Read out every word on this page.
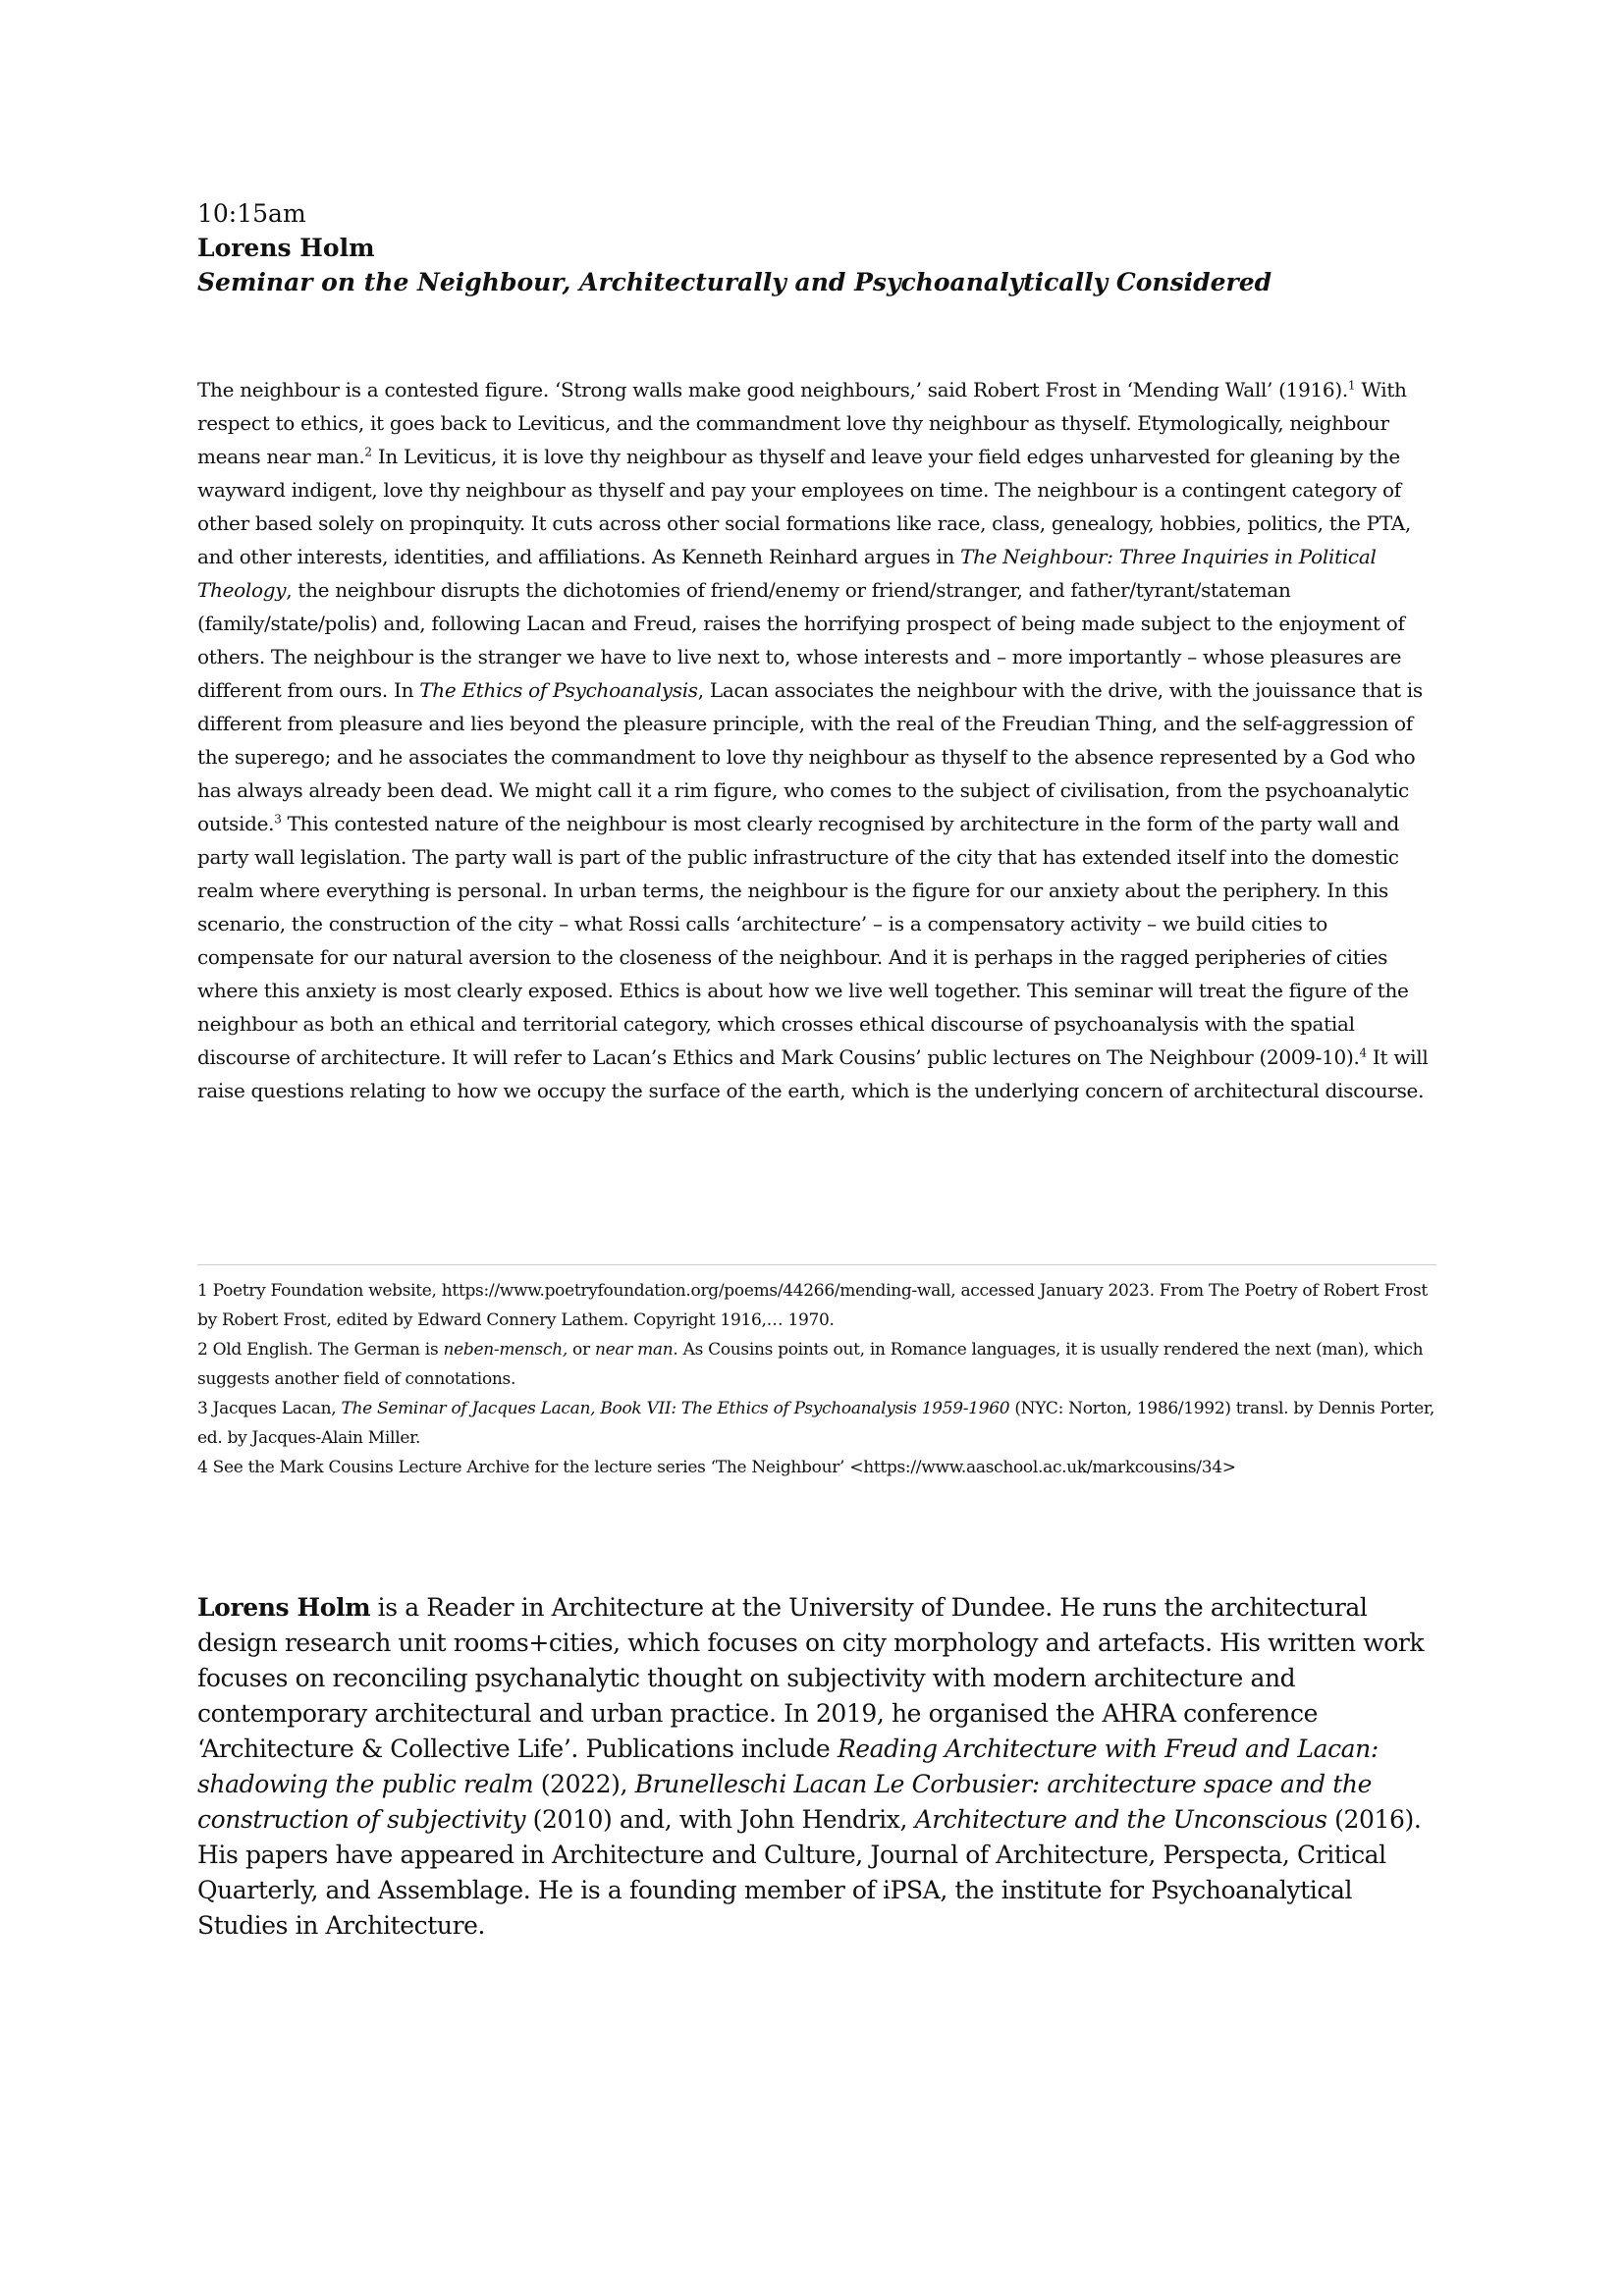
10:15am

Lorens Holm

Seminar on the Neighbour, Architecturally and Psychoanalytically Considered

The neighbour is a contested figure. ‘Strong walls make good neighbours,’ said Robert Frost in ‘Mending Wall’ (1916).$^1$ With respect to ethics, it goes back to Leviticus, and the commandment love thy neighbour as thyself. Etymologically, neighbour means near man.$^2$ In Leviticus, it is love thy neighbour as thyself and leave your field edges unharvested for gleaning by the wayward indigent, love thy neighbour as thyself and pay your employees on time. The neighbour is a contingent category of other based solely on propinquity. It cuts across other social formations like race, class, genealogy, hobbies, politics, the PTA, and other interests, identities, and affiliations. As Kenneth Reinhard argues in The Neighbour: Three Inquiries in Political Theology, the neighbour disrupts the dichotomies of friend/enemy or friend/stranger, and father/tyrant/stateman (family/state/polis) and, following Lacan and Freud, raises the horrifying prospect of being made subject to the enjoyment of others. The neighbour is the stranger we have to live next to, whose interests and – more importantly – whose pleasures are different from ours. In The Ethics of Psychoanalysis, Lacan associates the neighbour with the drive, with the jouissance that is different from pleasure and lies beyond the pleasure principle, with the real of the Freudian Thing, and the self-aggression of the superego; and he associates the commandment to love thy neighbour as thyself to the absence represented by a God who has always already been dead. We might call it a rim figure, who comes to the subject of civilisation, from the psychoanalytic outside.$^3$ This contested nature of the neighbour is most clearly recognised by architecture in the form of the party wall and party wall legislation. The party wall is part of the public infrastructure of the city that has extended itself into the domestic realm where everything is personal. In urban terms, the neighbour is the figure for our anxiety about the periphery. In this scenario, the construction of the city – what Rossi calls ‘architecture’ – is a compensatory activity – we build cities to compensate for our natural aversion to the closeness of the neighbour. And it is perhaps in the ragged peripheries of cities where this anxiety is most clearly exposed. Ethics is about how we live well together. This seminar will treat the figure of the neighbour as both an ethical and territorial category, which crosses ethical discourse of psychoanalysis with the spatial discourse of architecture. It will refer to Lacan’s Ethics and Mark Cousins’ public lectures on The Neighbour (2009-10).$^4$ It will raise questions relating to how we occupy the surface of the earth, which is the underlying concern of architectural discourse.

1 Poetry Foundation website, https://www.poetryfoundation.org/poems/44266/mending-wall, accessed January 2023. From The Poetry of Robert Frost by Robert Frost, edited by Edward Connery Lathem. Copyright 1916,… 1970.

2 Old English. The German is neben-mensch, or near man. As Cousins points out, in Romance languages, it is usually rendered the next (man), which suggests another field of connotations.

3 Jacques Lacan, The Seminar of Jacques Lacan, Book VII: The Ethics of Psychoanalysis 1959-1960 (NYC: Norton, 1986/1992) transl. by Dennis Porter, ed. by Jacques-Alain Miller.

4 See the Mark Cousins Lecture Archive for the lecture series ‘The Neighbour’ <https://www.aaschool.ac.uk/markcousins/34>

Lorens Holm is a Reader in Architecture at the University of Dundee. He runs the architectural design research unit rooms+cities, which focuses on city morphology and artefacts. His written work focuses on reconciling psychanalytic thought on subjectivity with modern architecture and contemporary architectural and urban practice. In 2019, he organised the AHRA conference ‘Architecture & Collective Life’. Publications include Reading Architecture with Freud and Lacan: shadowing the public realm (2022), Brunelleschi Lacan Le Corbusier: architecture space and the construction of subjectivity (2010) and, with John Hendrix, Architecture and the Unconscious (2016). His papers have appeared in Architecture and Culture, Journal of Architecture, Perspecta, Critical Quarterly, and Assemblage. He is a founding member of iPSA, the institute for Psychoanalytical Studies in Architecture.
